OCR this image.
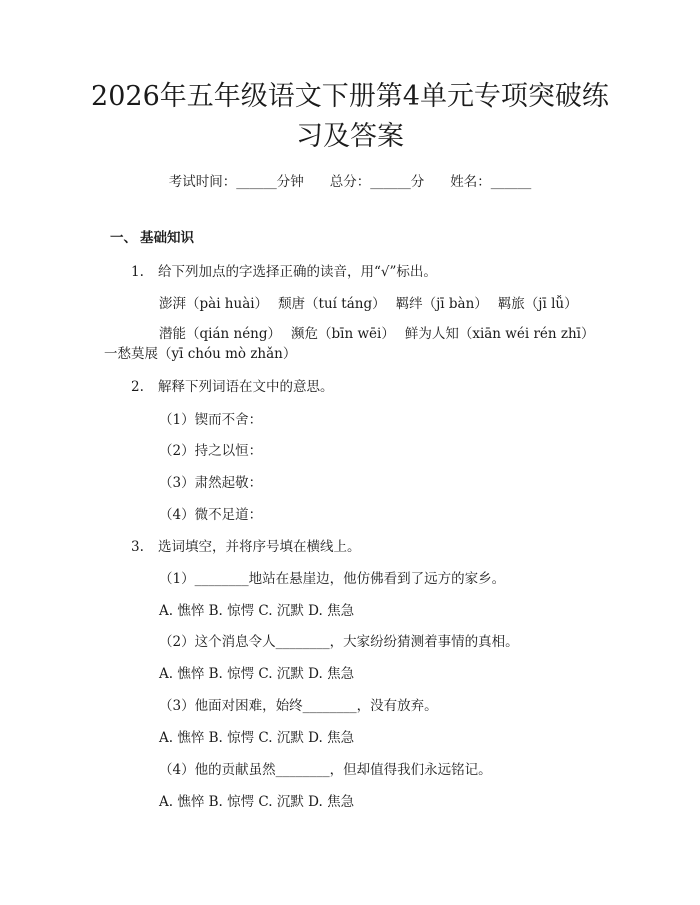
2026年五年级语文下册第4单元专项突破练
习及答案
考试时间：______分钟 总分：______分 姓名：______
一、 基础知识
1. 给下列加点的字选择正确的读音，用“√”标出。
澎湃（pài huài） 颓唐（tuí táng） 羁绊（jī bàn） 羁旅（jī lǚ）
潜能（qián néng） 濒危（bīn wēi） 鲜为人知（xiān wéi rén zhī）
一愁莫展（yī chóu mò zhǎn）
2. 解释下列词语在文中的意思。
（1）锲而不舍：
（2）持之以恒：
（3）肃然起敬：
（4）微不足道：
3. 选词填空，并将序号填在横线上。
（1）________地站在悬崖边，他仿佛看到了远方的家乡。
A. 憔悴 B. 惊愕 C. 沉默 D. 焦急
（2）这个消息令人________，大家纷纷猜测着事情的真相。
A. 憔悴 B. 惊愕 C. 沉默 D. 焦急
（3）他面对困难，始终________，没有放弃。
A. 憔悴 B. 惊愕 C. 沉默 D. 焦急
（4）他的贡献虽然________，但却值得我们永远铭记。
A. 憔悴 B. 惊愕 C. 沉默 D. 焦急
